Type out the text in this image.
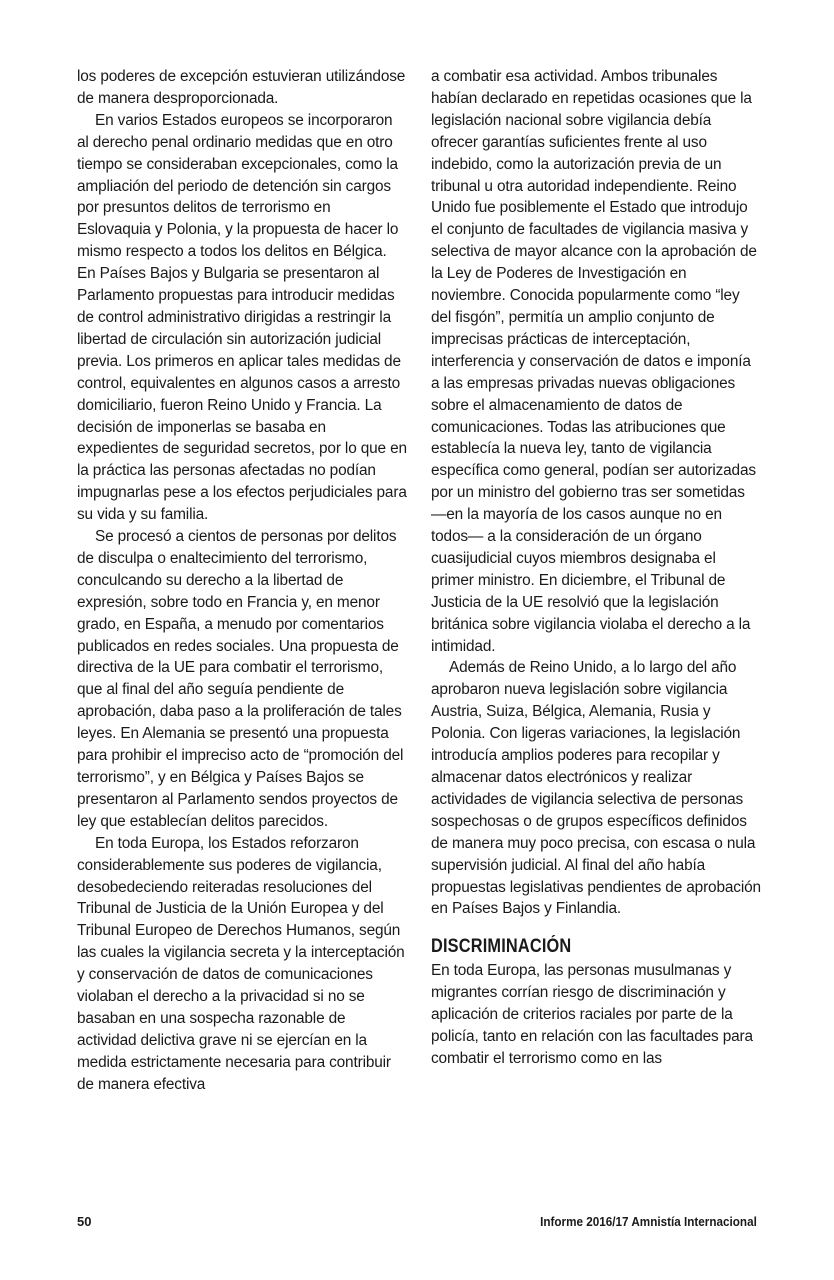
los poderes de excepción estuvieran utilizándose de manera desproporcionada.

En varios Estados europeos se incorporaron al derecho penal ordinario medidas que en otro tiempo se consideraban excepcionales, como la ampliación del periodo de detención sin cargos por presuntos delitos de terrorismo en Eslovaquia y Polonia, y la propuesta de hacer lo mismo respecto a todos los delitos en Bélgica. En Países Bajos y Bulgaria se presentaron al Parlamento propuestas para introducir medidas de control administrativo dirigidas a restringir la libertad de circulación sin autorización judicial previa. Los primeros en aplicar tales medidas de control, equivalentes en algunos casos a arresto domiciliario, fueron Reino Unido y Francia. La decisión de imponerlas se basaba en expedientes de seguridad secretos, por lo que en la práctica las personas afectadas no podían impugnarlas pese a los efectos perjudiciales para su vida y su familia.

Se procesó a cientos de personas por delitos de disculpa o enaltecimiento del terrorismo, conculcando su derecho a la libertad de expresión, sobre todo en Francia y, en menor grado, en España, a menudo por comentarios publicados en redes sociales. Una propuesta de directiva de la UE para combatir el terrorismo, que al final del año seguía pendiente de aprobación, daba paso a la proliferación de tales leyes. En Alemania se presentó una propuesta para prohibir el impreciso acto de “promoción del terrorismo”, y en Bélgica y Países Bajos se presentaron al Parlamento sendos proyectos de ley que establecían delitos parecidos.

En toda Europa, los Estados reforzaron considerablemente sus poderes de vigilancia, desobedeciendo reiteradas resoluciones del Tribunal de Justicia de la Unión Europea y del Tribunal Europeo de Derechos Humanos, según las cuales la vigilancia secreta y la interceptación y conservación de datos de comunicaciones violaban el derecho a la privacidad si no se basaban en una sospecha razonable de actividad delictiva grave ni se ejercían en la medida estrictamente necesaria para contribuir de manera efectiva

a combatir esa actividad. Ambos tribunales habían declarado en repetidas ocasiones que la legislación nacional sobre vigilancia debía ofrecer garantías suficientes frente al uso indebido, como la autorización previa de un tribunal u otra autoridad independiente. Reino Unido fue posiblemente el Estado que introdujo el conjunto de facultades de vigilancia masiva y selectiva de mayor alcance con la aprobación de la Ley de Poderes de Investigación en noviembre. Conocida popularmente como “ley del fisgón”, permitía un amplio conjunto de imprecisas prácticas de interceptación, interferencia y conservación de datos e imponía a las empresas privadas nuevas obligaciones sobre el almacenamiento de datos de comunicaciones. Todas las atribuciones que establecía la nueva ley, tanto de vigilancia específica como general, podían ser autorizadas por un ministro del gobierno tras ser sometidas —en la mayoría de los casos aunque no en todos— a la consideración de un órgano cuasijudicial cuyos miembros designaba el primer ministro. En diciembre, el Tribunal de Justicia de la UE resolvió que la legislación británica sobre vigilancia violaba el derecho a la intimidad.

Además de Reino Unido, a lo largo del año aprobaron nueva legislación sobre vigilancia Austria, Suiza, Bélgica, Alemania, Rusia y Polonia. Con ligeras variaciones, la legislación introducía amplios poderes para recopilar y almacenar datos electrónicos y realizar actividades de vigilancia selectiva de personas sospechosas o de grupos específicos definidos de manera muy poco precisa, con escasa o nula supervisión judicial. Al final del año había propuestas legislativas pendientes de aprobación en Países Bajos y Finlandia.

DISCRIMINACIÓN

En toda Europa, las personas musulmanas y migrantes corrían riesgo de discriminación y aplicación de criterios raciales por parte de la policía, tanto en relación con las facultades para combatir el terrorismo como en las

50	Informe 2016/17 Amnistía Internacional
